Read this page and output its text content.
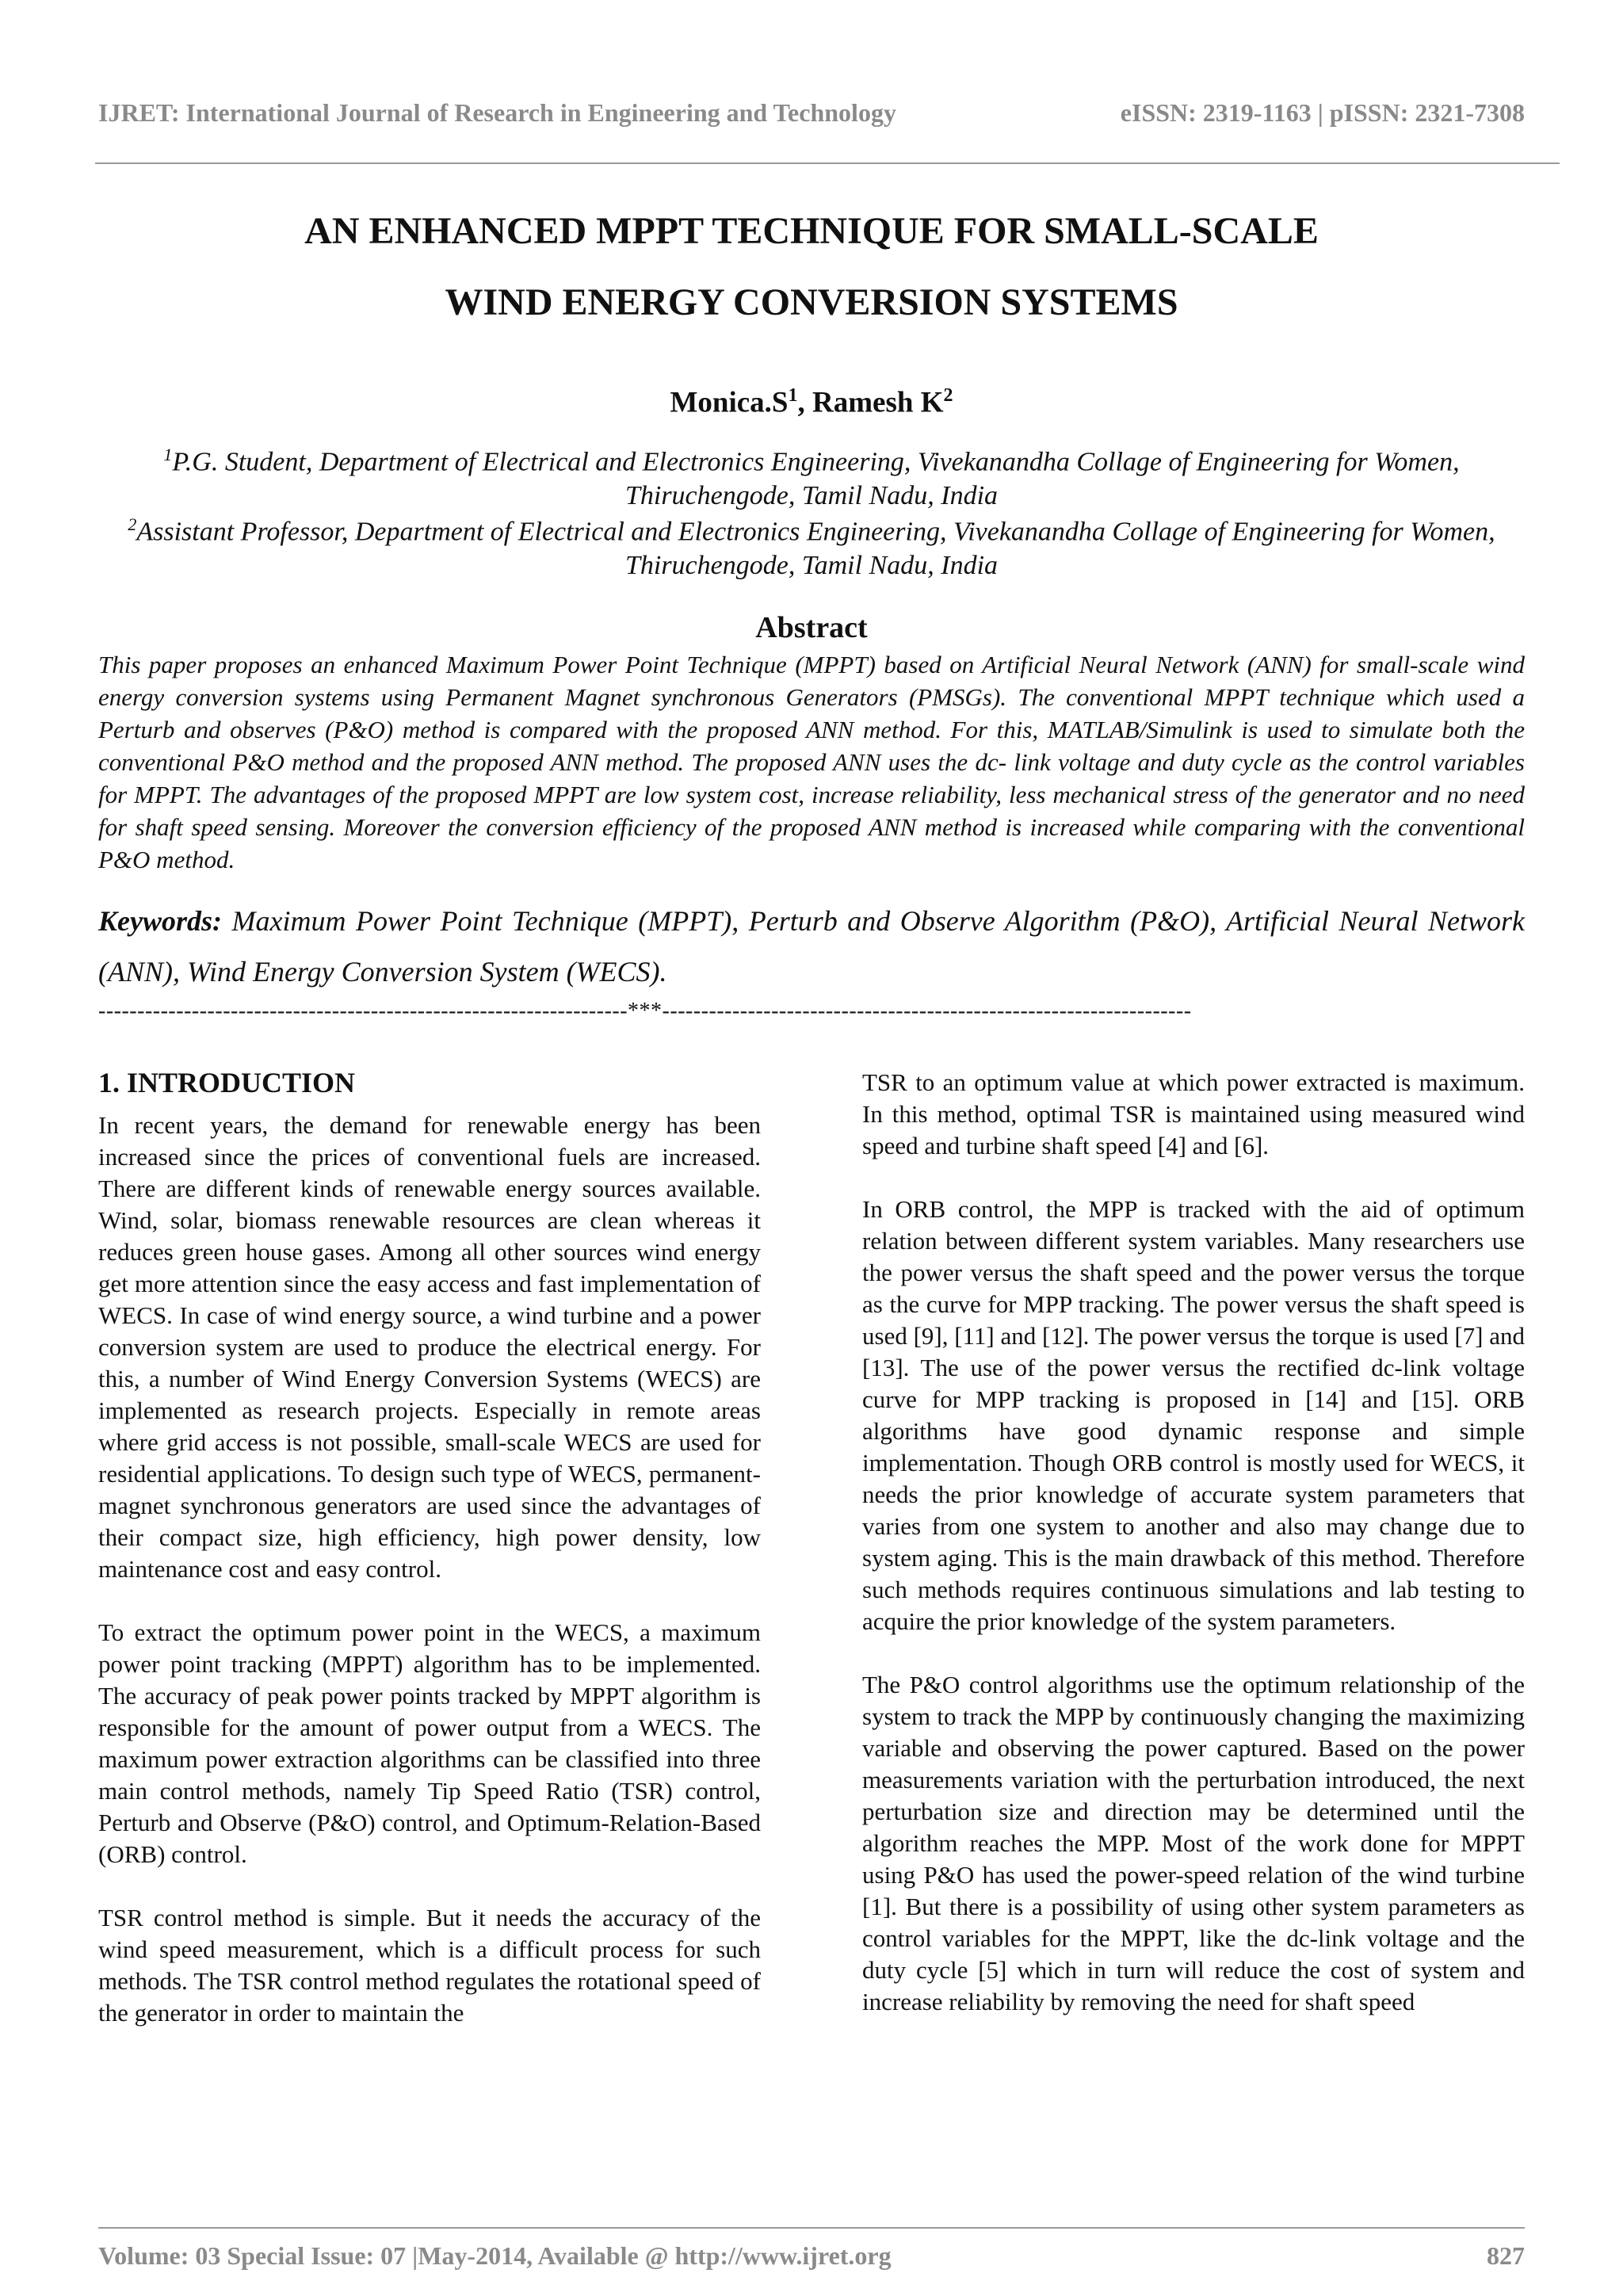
IJRET: International Journal of Research in Engineering and Technology	eISSN: 2319-1163 | pISSN: 2321-7308
AN ENHANCED MPPT TECHNIQUE FOR SMALL-SCALE
WIND ENERGY CONVERSION SYSTEMS
$Monica.S^1$, Ramesh $K^2$
$^1$P.G. Student, Department of Electrical and Electronics Engineering, Vivekanandha Collage of Engineering for Women, Thiruchengode, Tamil Nadu, India
$^2$Assistant Professor, Department of Electrical and Electronics Engineering, Vivekanandha Collage of Engineering for Women, Thiruchengode, Tamil Nadu, India
Abstract
This paper proposes an enhanced Maximum Power Point Technique (MPPT) based on Artificial Neural Network (ANN) for small-scale wind energy conversion systems using Permanent Magnet synchronous Generators (PMSGs). The conventional MPPT technique which used a Perturb and observes (P&O) method is compared with the proposed ANN method. For this, MATLAB/Simulink is used to simulate both the conventional P&O method and the proposed ANN method. The proposed ANN uses the dc- link voltage and duty cycle as the control variables for MPPT. The advantages of the proposed MPPT are low system cost, increase reliability, less mechanical stress of the generator and no need for shaft speed sensing. Moreover the conversion efficiency of the proposed ANN method is increased while comparing with the conventional P&O method.
Keywords: Maximum Power Point Technique (MPPT), Perturb and Observe Algorithm (P&O), Artificial Neural Network (ANN), Wind Energy Conversion System (WECS).
--------------------------------------------------------------------***--------------------------------------------------------------------
1. INTRODUCTION

In recent years, the demand for renewable energy has been increased since the prices of conventional fuels are increased. There are different kinds of renewable energy sources available. Wind, solar, biomass renewable resources are clean whereas it reduces green house gases. Among all other sources wind energy get more attention since the easy access and fast implementation of WECS. In case of wind energy source, a wind turbine and a power conversion system are used to produce the electrical energy. For this, a number of Wind Energy Conversion Systems (WECS) are implemented as research projects. Especially in remote areas where grid access is not possible, small-scale WECS are used for residential applications. To design such type of WECS, permanent-magnet synchronous generators are used since the advantages of their compact size, high efficiency, high power density, low maintenance cost and easy control.

To extract the optimum power point in the WECS, a maximum power point tracking (MPPT) algorithm has to be implemented. The accuracy of peak power points tracked by MPPT algorithm is responsible for the amount of power output from a WECS. The maximum power extraction algorithms can be classified into three main control methods, namely Tip Speed Ratio (TSR) control, Perturb and Observe (P&O) control, and Optimum-Relation-Based (ORB) control.

TSR control method is simple. But it needs the accuracy of the wind speed measurement, which is a difficult process for such methods. The TSR control method regulates the rotational speed of the generator in order to maintain the

TSR to an optimum value at which power extracted is maximum. In this method, optimal TSR is maintained using measured wind speed and turbine shaft speed [4] and [6].

In ORB control, the MPP is tracked with the aid of optimum relation between different system variables. Many researchers use the power versus the shaft speed and the power versus the torque as the curve for MPP tracking. The power versus the shaft speed is used [9], [11] and [12]. The power versus the torque is used [7] and [13]. The use of the power versus the rectified dc-link voltage curve for MPP tracking is proposed in [14] and [15]. ORB algorithms have good dynamic response and simple implementation. Though ORB control is mostly used for WECS, it needs the prior knowledge of accurate system parameters that varies from one system to another and also may change due to system aging. This is the main drawback of this method. Therefore such methods requires continuous simulations and lab testing to acquire the prior knowledge of the system parameters.

The P&O control algorithms use the optimum relationship of the system to track the MPP by continuously changing the maximizing variable and observing the power captured. Based on the power measurements variation with the perturbation introduced, the next perturbation size and direction may be determined until the algorithm reaches the MPP. Most of the work done for MPPT using P&O has used the power-speed relation of the wind turbine [1]. But there is a possibility of using other system parameters as control variables for the MPPT, like the dc-link voltage and the duty cycle [5] which in turn will reduce the cost of system and increase reliability by removing the need for shaft speed

Volume: 03 Special Issue: 07 |May-2014, Available @ http://www.ijret.org	827
